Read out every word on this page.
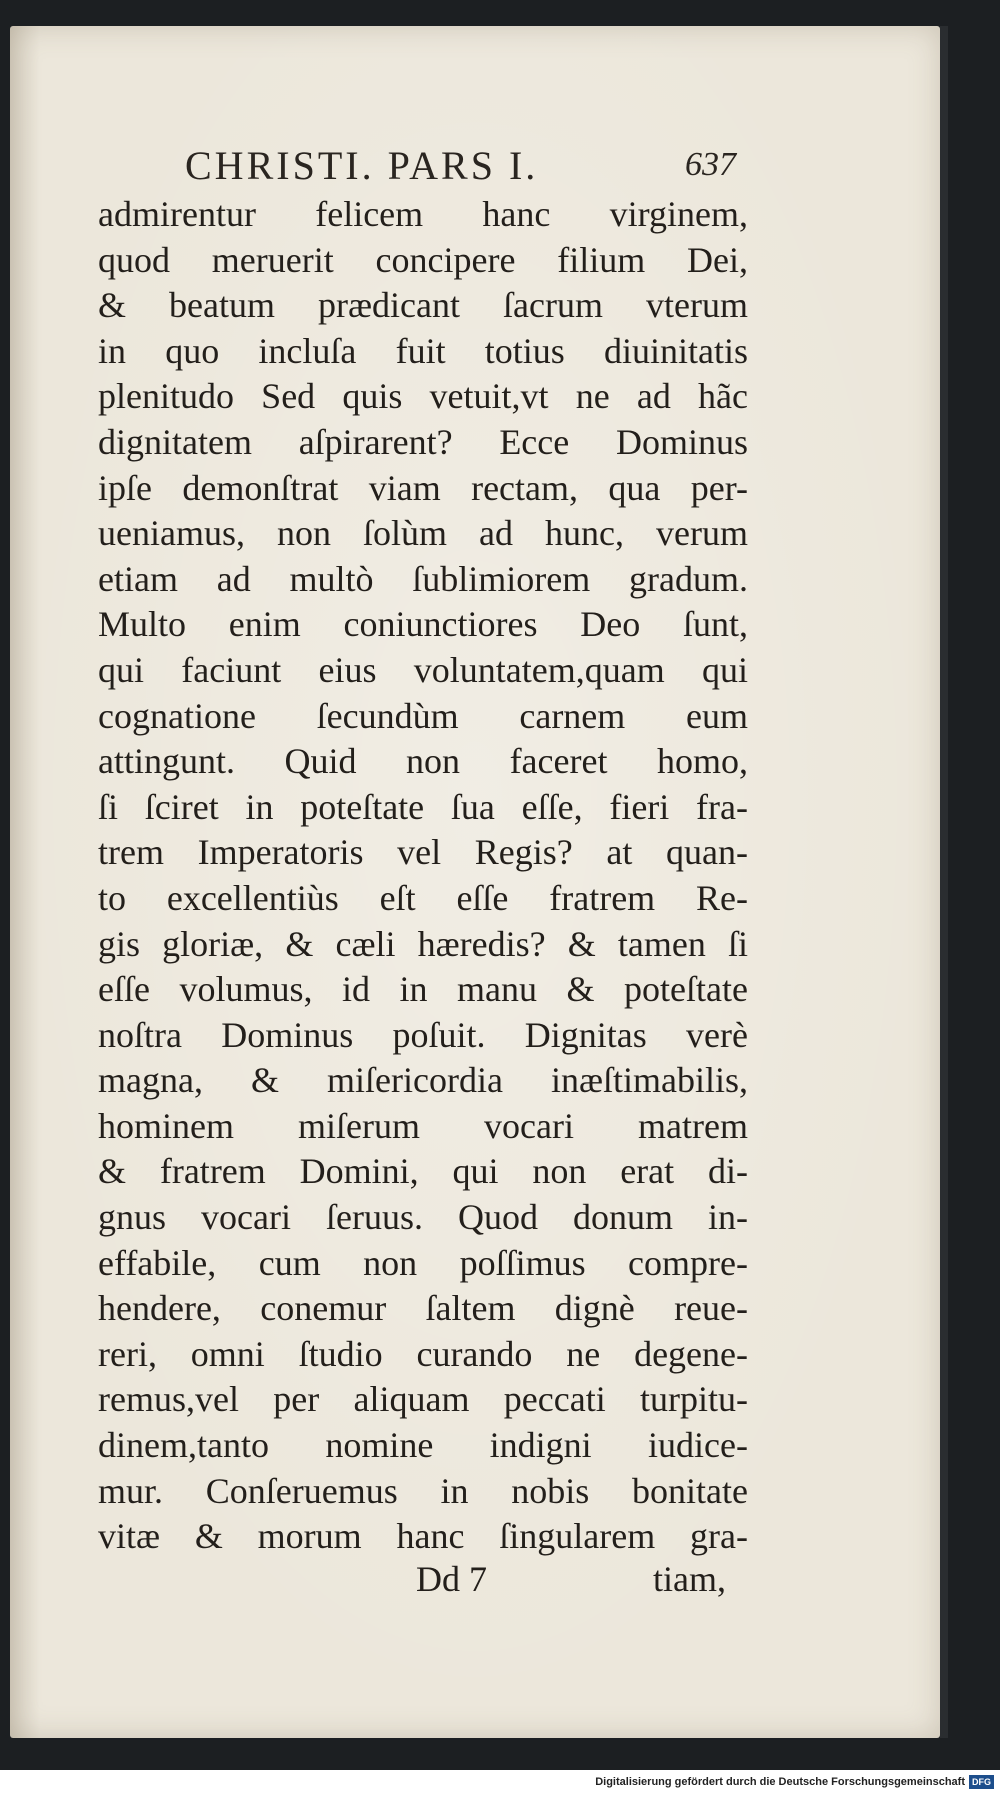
CHRISTI. PARS I.	637
admirentur felicem hanc virginem,
quod meruerit concipere filium Dei,
& beatum prædicant ſacrum vterum
in quo incluſa fuit totius diuinitatis
plenitudo Sed quis vetuit,vt ne ad hãc
dignitatem aſpirarent? Ecce Dominus
ipſe demonſtrat viam rectam, qua per-
ueniamus, non ſolùm ad hunc, verum
etiam ad multò ſublimiorem gradum.
Multo enim coniunctiores Deo ſunt,
qui faciunt eius voluntatem,quam qui
cognatione ſecundùm carnem eum
attingunt. Quid non faceret homo,
ſi ſciret in poteſtate ſua eſſe, fieri fra-
trem Imperatoris vel Regis? at quan-
to excellentiùs eſt eſſe fratrem Re-
gis gloriæ, & cæli hæredis? & tamen ſi
eſſe volumus, id in manu & poteſtate
noſtra Dominus poſuit. Dignitas verè
magna, & miſericordia inæſtimabilis,
hominem miſerum vocari matrem
& fratrem Domini, qui non erat di-
gnus vocari ſeruus. Quod donum in-
effabile, cum non poſſimus compre-
hendere, conemur ſaltem dignè reue-
reri, omni ſtudio curando ne degene-
remus,vel per aliquam peccati turpitu-
dinem,tanto nomine indigni iudice-
mur. Conſeruemus in nobis bonitate
vitæ & morum hanc ſingularem gra-
Dd 7	tiam,
Digitalisierung gefördert durch die Deutsche Forschungsgemeinschaft DFG
